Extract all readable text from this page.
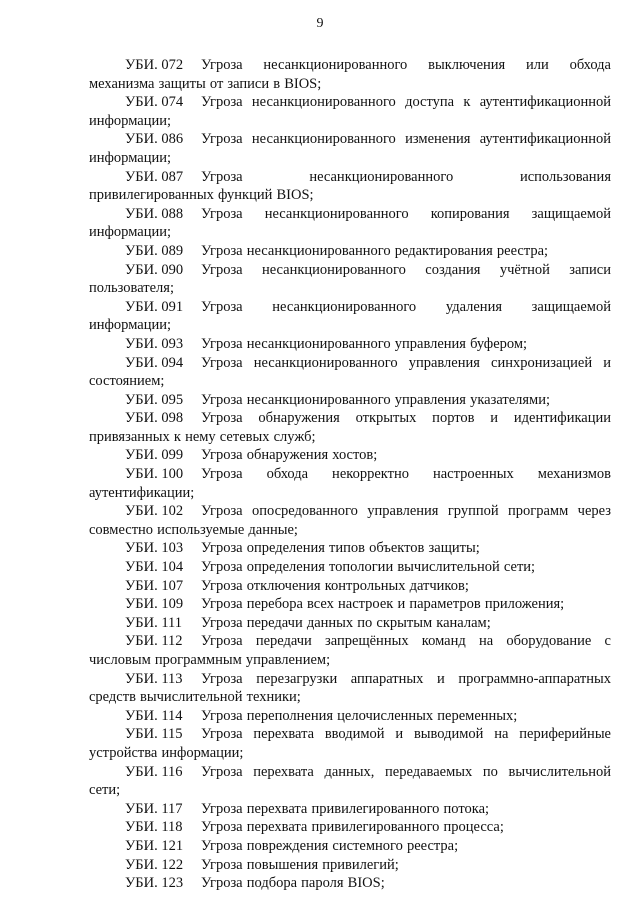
9

УБИ. 072 Угроза несанкционированного выключения или обхода механизма защиты от записи в BIOS;

УБИ. 074 Угроза несанкционированного доступа к аутентификационной информации;

УБИ. 086 Угроза несанкционированного изменения аутентификационной информации;

УБИ. 087 Угроза несанкционированного использования привилегированных функций BIOS;

УБИ. 088 Угроза несанкционированного копирования защищаемой информации;

УБИ. 089 Угроза несанкционированного редактирования реестра;

УБИ. 090 Угроза несанкционированного создания учётной записи пользователя;

УБИ. 091 Угроза несанкционированного удаления защищаемой информации;

УБИ. 093 Угроза несанкционированного управления буфером;

УБИ. 094 Угроза несанкционированного управления синхронизацией и состоянием;

УБИ. 095 Угроза несанкционированного управления указателями;

УБИ. 098 Угроза обнаружения открытых портов и идентификации привязанных к нему сетевых служб;

УБИ. 099 Угроза обнаружения хостов;

УБИ. 100 Угроза обхода некорректно настроенных механизмов аутентификации;

УБИ. 102 Угроза опосредованного управления группой программ через совместно используемые данные;

УБИ. 103 Угроза определения типов объектов защиты;

УБИ. 104 Угроза определения топологии вычислительной сети;

УБИ. 107 Угроза отключения контрольных датчиков;

УБИ. 109 Угроза перебора всех настроек и параметров приложения;

УБИ. 111 Угроза передачи данных по скрытым каналам;

УБИ. 112 Угроза передачи запрещённых команд на оборудование с числовым программным управлением;

УБИ. 113 Угроза перезагрузки аппаратных и программно-аппаратных средств вычислительной техники;

УБИ. 114 Угроза переполнения целочисленных переменных;

УБИ. 115 Угроза перехвата вводимой и выводимой на периферийные устройства информации;

УБИ. 116 Угроза перехвата данных, передаваемых по вычислительной сети;

УБИ. 117 Угроза перехвата привилегированного потока;

УБИ. 118 Угроза перехвата привилегированного процесса;

УБИ. 121 Угроза повреждения системного реестра;

УБИ. 122 Угроза повышения привилегий;

УБИ. 123 Угроза подбора пароля BIOS;
